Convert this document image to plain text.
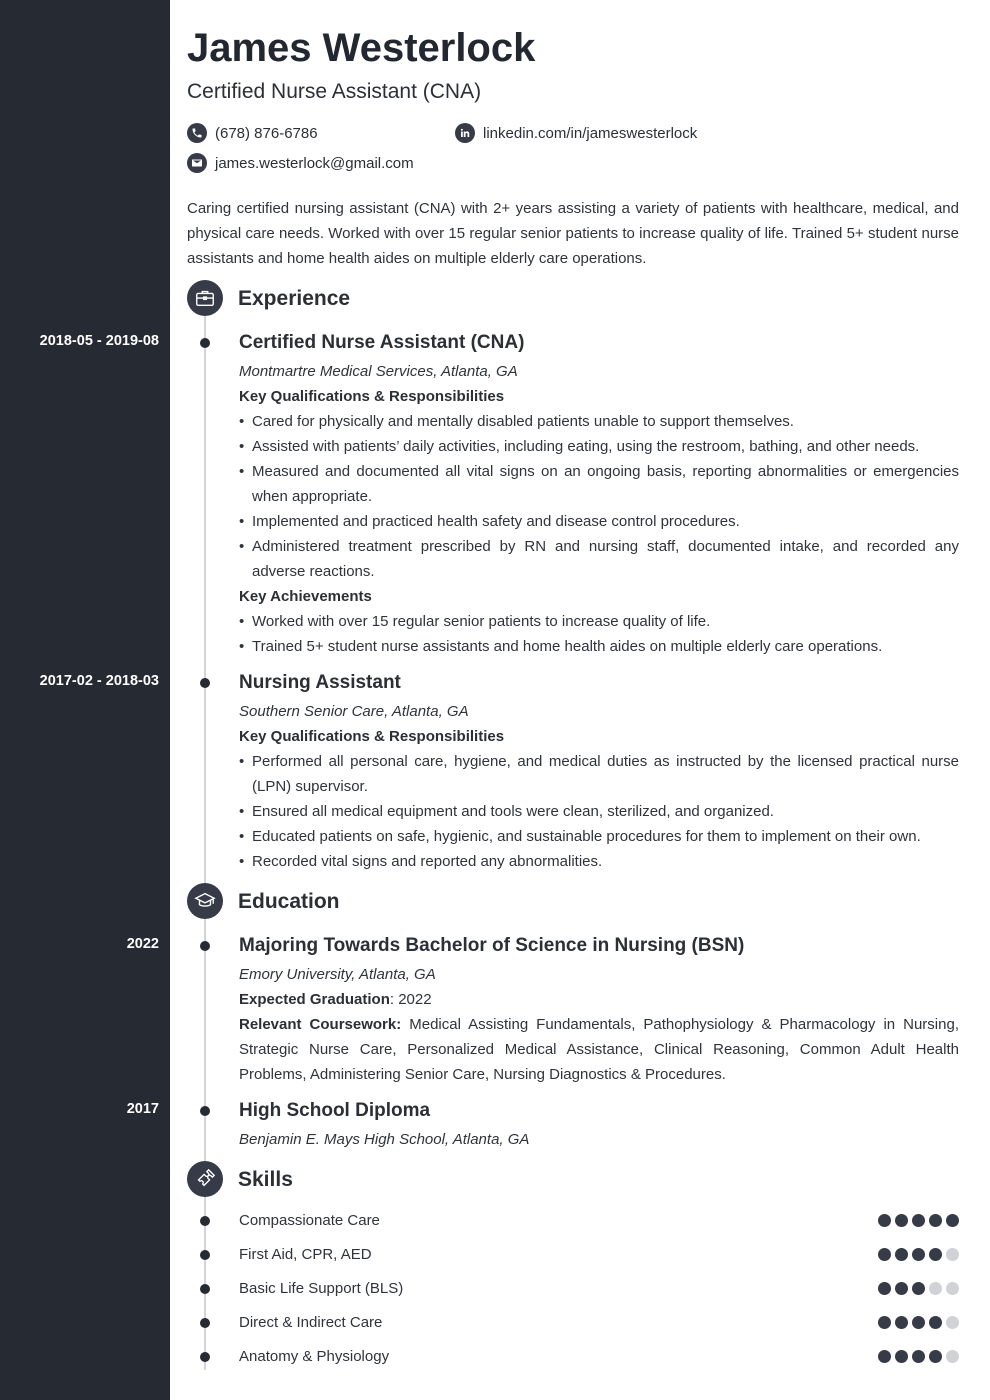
James Westerlock
Certified Nurse Assistant (CNA)
(678) 876-6786	linkedin.com/in/jameswesterlock
james.westerlock@gmail.com
Caring certified nursing assistant (CNA) with 2+ years assisting a variety of patients with healthcare, medical, and physical care needs. Worked with over 15 regular senior patients to increase quality of life. Trained 5+ student nurse assistants and home health aides on multiple elderly care operations.
Experience
2018-05 - 2019-08	Certified Nurse Assistant (CNA)
Montmartre Medical Services, Atlanta, GA
Key Qualifications & Responsibilities
• Cared for physically and mentally disabled patients unable to support themselves.
• Assisted with patients’ daily activities, including eating, using the restroom, bathing, and other needs.
• Measured and documented all vital signs on an ongoing basis, reporting abnormalities or emergencies when appropriate.
• Implemented and practiced health safety and disease control procedures.
• Administered treatment prescribed by RN and nursing staff, documented intake, and recorded any adverse reactions.
Key Achievements
• Worked with over 15 regular senior patients to increase quality of life.
• Trained 5+ student nurse assistants and home health aides on multiple elderly care operations.
2017-02 - 2018-03	Nursing Assistant
Southern Senior Care, Atlanta, GA
Key Qualifications & Responsibilities
• Performed all personal care, hygiene, and medical duties as instructed by the licensed practical nurse (LPN) supervisor.
• Ensured all medical equipment and tools were clean, sterilized, and organized.
• Educated patients on safe, hygienic, and sustainable procedures for them to implement on their own.
• Recorded vital signs and reported any abnormalities.
Education
2022	Majoring Towards Bachelor of Science in Nursing (BSN)
Emory University, Atlanta, GA
Expected Graduation: 2022
Relevant Coursework: Medical Assisting Fundamentals, Pathophysiology & Pharmacology in Nursing, Strategic Nurse Care, Personalized Medical Assistance, Clinical Reasoning, Common Adult Health Problems, Administering Senior Care, Nursing Diagnostics & Procedures.
2017	High School Diploma
Benjamin E. Mays High School, Atlanta, GA
Skills
Compassionate Care
First Aid, CPR, AED
Basic Life Support (BLS)
Direct & Indirect Care
Anatomy & Physiology
